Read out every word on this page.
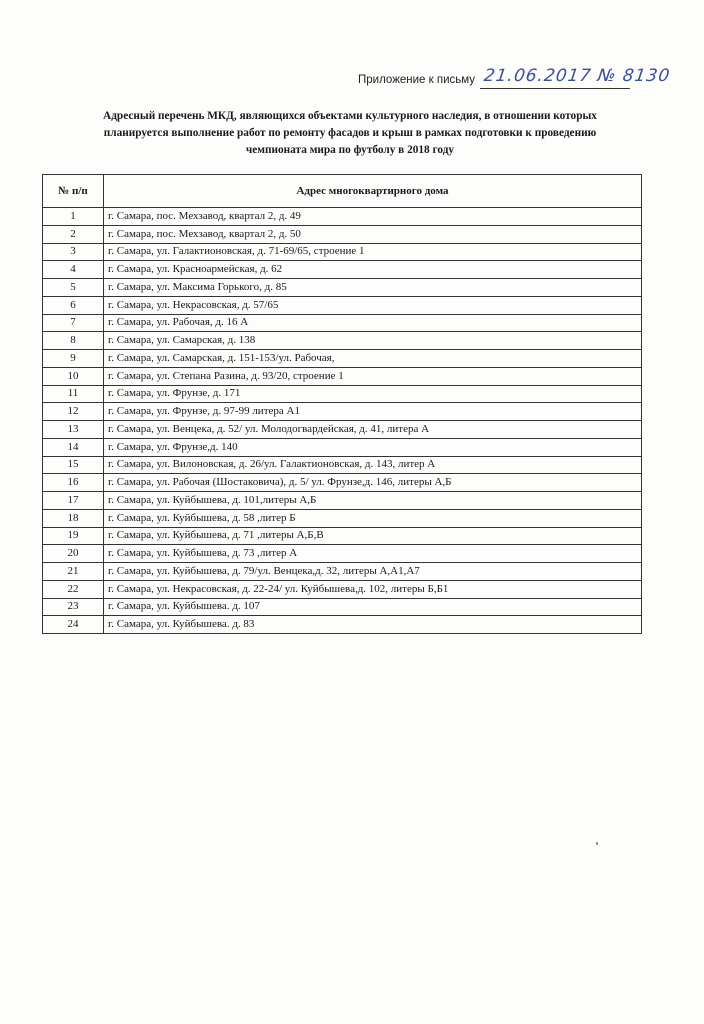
Приложение к письму 21.06.2017 № 8130
Адресный перечень МКД, являющихся объектами культурного наследия, в отношении которых
планируется выполнение работ по ремонту фасадов и крыш в рамках подготовки к проведению
чемпионата мира по футболу в 2018 году
№ п/п	Адрес многоквартирного дома
1	г. Самара, пос. Мехзавод, квартал 2, д. 49
2	г. Самара, пос. Мехзавод, квартал 2, д. 50
3	г. Самара, ул. Галактионовская, д. 71-69/65, строение 1
4	г. Самара, ул. Красноармейская, д. 62
5	г. Самара, ул. Максима Горького, д. 85
6	г. Самара, ул. Некрасовская, д. 57/65
7	г. Самара, ул. Рабочая, д. 16 А
8	г. Самара, ул. Самарская, д. 138
9	г. Самара, ул. Самарская, д. 151-153/ул. Рабочая,
10	г. Самара, ул. Степана Разина, д. 93/20, строение 1
11	г. Самара, ул. Фрунзе, д. 171
12	г. Самара, ул. Фрунзе, д. 97-99 литера А1
13	г. Самара, ул. Венцека, д. 52/ ул. Молодогвардейская, д. 41, литера А
14	г. Самара, ул. Фрунзе,д. 140
15	г. Самара, ул. Вилоновская, д. 26/ул. Галактионовская, д. 143, литер А
16	г. Самара, ул. Рабочая (Шостаковича), д. 5/ ул. Фрунзе,д. 146, литеры А,Б
17	г. Самара, ул. Куйбышева, д. 101,литеры А,Б
18	г. Самара, ул. Куйбышева, д. 58 ,литер Б
19	г. Самара, ул. Куйбышева, д. 71 ,литеры А,Б,В
20	г. Самара, ул. Куйбышева, д. 73 ,литер А
21	г. Самара, ул. Куйбышева, д. 79/ул. Венцека,д. 32, литеры А,А1,А7
22	г. Самара, ул. Некрасовская, д. 22-24/ ул. Куйбышева,д. 102, литеры Б,Б1
23	г. Самара, ул. Куйбышева. д. 107
24	г. Самара, ул. Куйбышева. д. 83
